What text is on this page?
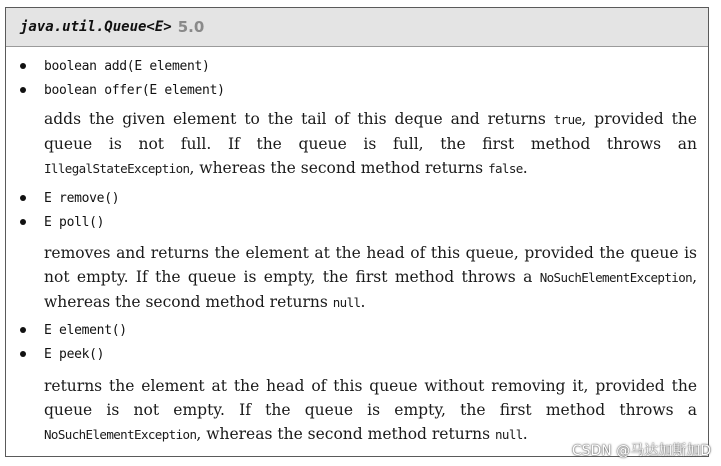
java.util.Queue<E> 5.0
boolean add(E element)
boolean offer(E element)
adds the given element to the tail of this deque and returns true, provided the queue is not full. If the queue is full, the first method throws an IllegalStateException, whereas the second method returns false.
E remove()
E poll()
removes and returns the element at the head of this queue, provided the queue is not empty. If the queue is empty, the first method throws a NoSuchElementException, whereas the second method returns null.
E element()
E peek()
returns the element at the head of this queue without removing it, provided the queue is not empty. If the queue is empty, the first method throws a NoSuchElementException, whereas the second method returns null.
CSDN @马达加斯加D
